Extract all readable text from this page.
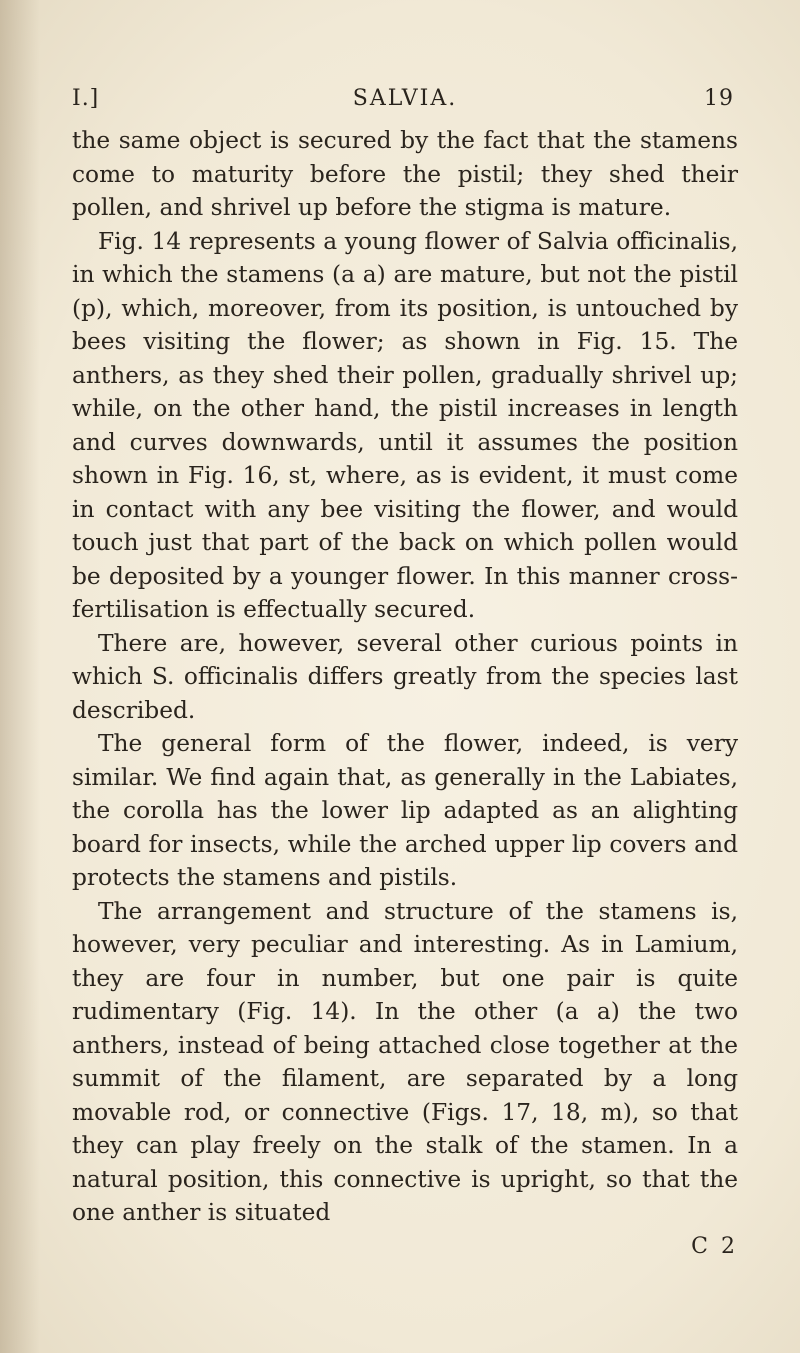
I.]	SALVIA.	19

the same object is secured by the fact that the stamens come to maturity before the pistil; they shed their pollen, and shrivel up before the stigma is mature.

Fig. 14 represents a young flower of Salvia officinalis, in which the stamens (a a) are mature, but not the pistil (p), which, moreover, from its position, is untouched by bees visiting the flower; as shown in Fig. 15. The anthers, as they shed their pollen, gradually shrivel up; while, on the other hand, the pistil increases in length and curves downwards, until it assumes the position shown in Fig. 16, st, where, as is evident, it must come in contact with any bee visiting the flower, and would touch just that part of the back on which pollen would be deposited by a younger flower. In this manner cross-fertilisation is effectually secured.

There are, however, several other curious points in which S. officinalis differs greatly from the species last described.

The general form of the flower, indeed, is very similar. We find again that, as generally in the Labiates, the corolla has the lower lip adapted as an alighting board for insects, while the arched upper lip covers and protects the stamens and pistils.

The arrangement and structure of the stamens is, however, very peculiar and interesting. As in Lamium, they are four in number, but one pair is quite rudimentary (Fig. 14). In the other (a a) the two anthers, instead of being attached close together at the summit of the filament, are separated by a long movable rod, or connective (Figs. 17, 18, m), so that they can play freely on the stalk of the stamen. In a natural position, this connective is upright, so that the one anther is situated

C 2
